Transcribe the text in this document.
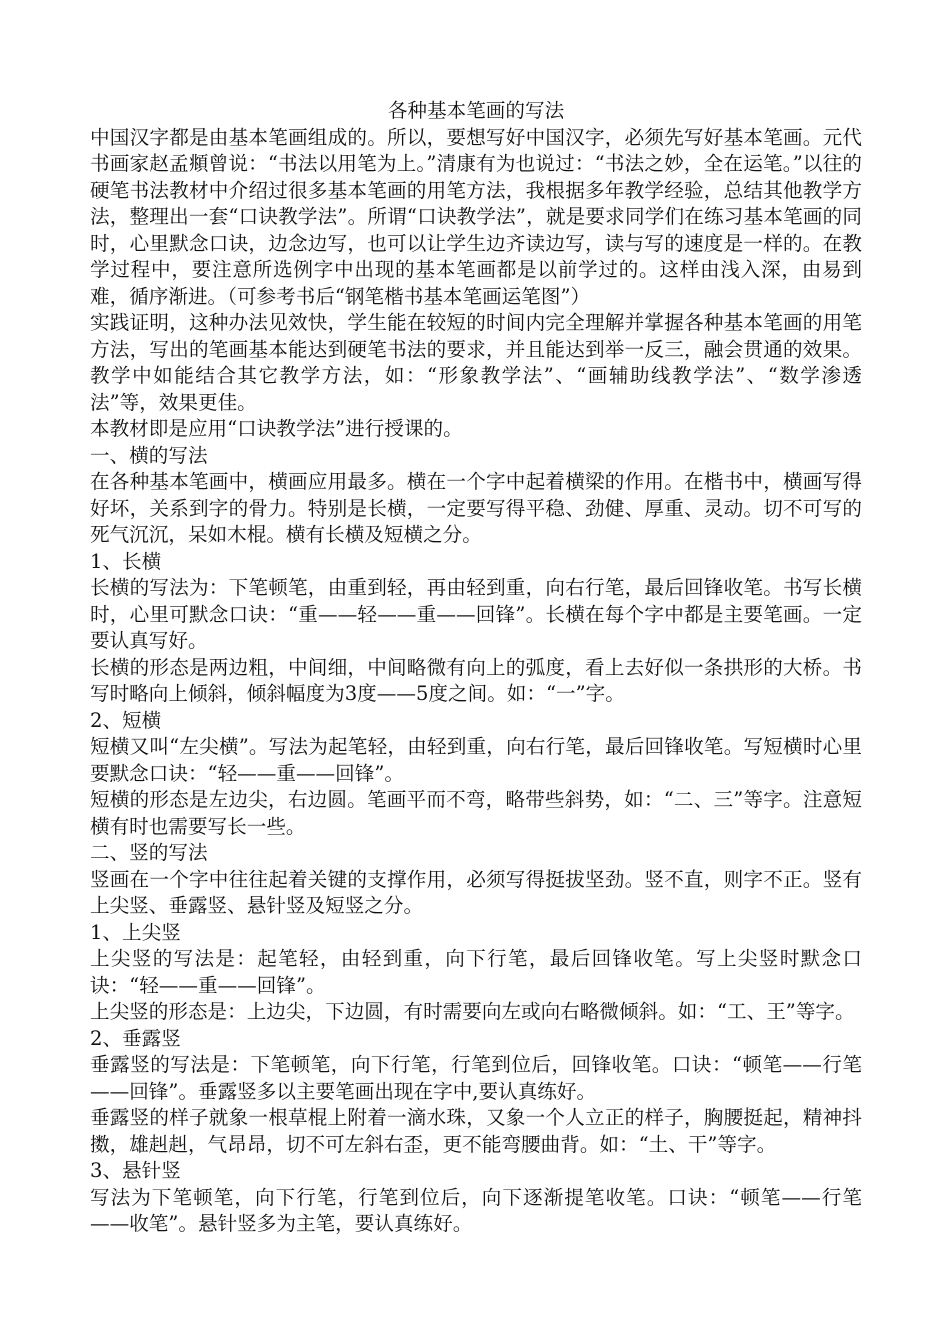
各种基本笔画的写法

中国汉字都是由基本笔画组成的。所以，要想写好中国汉字，必须先写好基本笔画。元代书画家赵孟頫曾说：“书法以用笔为上。”清康有为也说过：“书法之妙，全在运笔。”以往的硬笔书法教材中介绍过很多基本笔画的用笔方法，我根据多年教学经验，总结其他教学方法，整理出一套“口诀教学法”。所谓“口诀教学法”，就是要求同学们在练习基本笔画的同时，心里默念口诀，边念边写，也可以让学生边齐读边写，读与写的速度是一样的。在教学过程中，要注意所选例字中出现的基本笔画都是以前学过的。这样由浅入深，由易到难，循序渐进。（可参考书后“钢笔楷书基本笔画运笔图”）

实践证明，这种办法见效快，学生能在较短的时间内完全理解并掌握各种基本笔画的用笔方法，写出的笔画基本能达到硬笔书法的要求，并且能达到举一反三，融会贯通的效果。教学中如能结合其它教学方法，如：“形象教学法”、“画辅助线教学法”、“数学渗透法”等，效果更佳。

本教材即是应用“口诀教学法”进行授课的。

一、横的写法

在各种基本笔画中，横画应用最多。横在一个字中起着横梁的作用。在楷书中，横画写得好坏，关系到字的骨力。特别是长横，一定要写得平稳、劲健、厚重、灵动。切不可写的死气沉沉，呆如木棍。横有长横及短横之分。

1、长横

长横的写法为：下笔顿笔，由重到轻，再由轻到重，向右行笔，最后回锋收笔。书写长横时，心里可默念口诀：“重——轻——重——回锋”。长横在每个字中都是主要笔画。一定要认真写好。

长横的形态是两边粗，中间细，中间略微有向上的弧度，看上去好似一条拱形的大桥。书写时略向上倾斜，倾斜幅度为3度——5度之间。如：“一”字。

2、短横

短横又叫“左尖横”。写法为起笔轻，由轻到重，向右行笔，最后回锋收笔。写短横时心里要默念口诀：“轻——重——回锋”。

短横的形态是左边尖，右边圆。笔画平而不弯，略带些斜势，如：“二、三”等字。注意短横有时也需要写长一些。

二、竖的写法

竖画在一个字中往往起着关键的支撑作用，必须写得挺拔坚劲。竖不直，则字不正。竖有上尖竖、垂露竖、悬针竖及短竖之分。

1、上尖竖

上尖竖的写法是：起笔轻，由轻到重，向下行笔，最后回锋收笔。写上尖竖时默念口诀：“轻——重——回锋”。

上尖竖的形态是：上边尖，下边圆，有时需要向左或向右略微倾斜。如：“工、王”等字。

2、垂露竖

垂露竖的写法是：下笔顿笔，向下行笔，行笔到位后，回锋收笔。口诀：“顿笔——行笔——回锋”。垂露竖多以主要笔画出现在字中,要认真练好。

垂露竖的样子就象一根草棍上附着一滴水珠，又象一个人立正的样子，胸腰挺起，精神抖擞，雄赳赳，气昂昂，切不可左斜右歪，更不能弯腰曲背。如：“土、干”等字。

3、悬针竖

写法为下笔顿笔，向下行笔，行笔到位后，向下逐渐提笔收笔。口诀：“顿笔——行笔——收笔”。悬针竖多为主笔，要认真练好。
